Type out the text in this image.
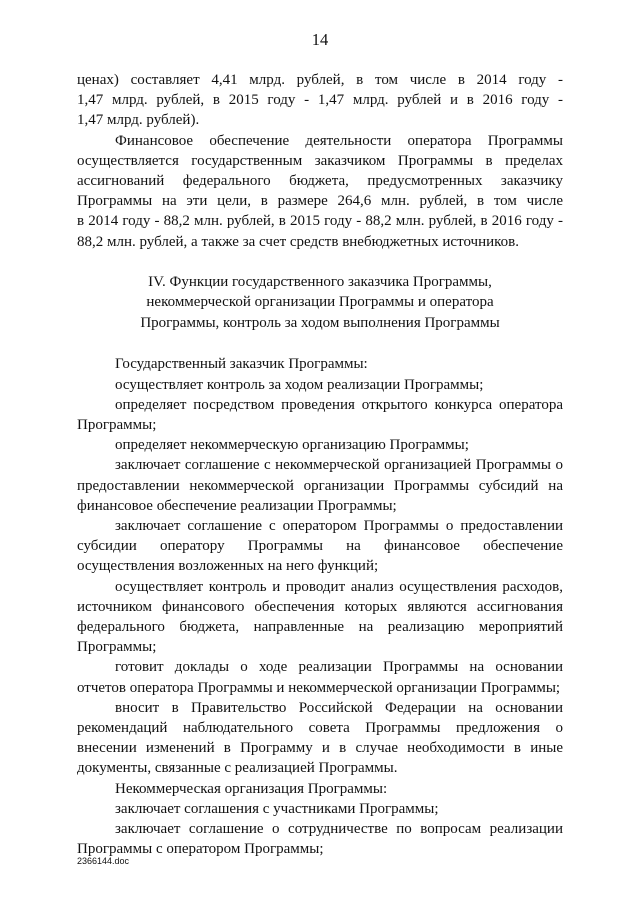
14

ценах) составляет 4,41 млрд. рублей, в том числе в 2014 году -
1,47 млрд. рублей, в 2015 году - 1,47 млрд. рублей и в 2016 году -
1,47 млрд. рублей).

Финансовое обеспечение деятельности оператора Программы
осуществляется государственным заказчиком Программы в пределах
ассигнований федерального бюджета, предусмотренных заказчику
Программы на эти цели, в размере 264,6 млн. рублей, в том числе
в 2014 году - 88,2 млн. рублей, в 2015 году - 88,2 млн. рублей, в 2016 году -
88,2 млн. рублей, а также за счет средств внебюджетных источников.

IV. Функции государственного заказчика Программы,
некоммерческой организации Программы и оператора
Программы, контроль за ходом выполнения Программы

Государственный заказчик Программы:

осуществляет контроль за ходом реализации Программы;

определяет посредством проведения открытого конкурса оператора
Программы;

определяет некоммерческую организацию Программы;

заключает соглашение с некоммерческой организацией Программы о
предоставлении некоммерческой организации Программы субсидий на
финансовое обеспечение реализации Программы;

заключает соглашение с оператором Программы о предоставлении
субсидии оператору Программы на финансовое обеспечение
осуществления возложенных на него функций;

осуществляет контроль и проводит анализ осуществления расходов,
источником финансового обеспечения которых являются ассигнования
федерального бюджета, направленные на реализацию мероприятий
Программы;

готовит доклады о ходе реализации Программы на основании
отчетов оператора Программы и некоммерческой организации Программы;

вносит в Правительство Российской Федерации на основании
рекомендаций наблюдательного совета Программы предложения о
внесении изменений в Программу и в случае необходимости в иные
документы, связанные с реализацией Программы.

Некоммерческая организация Программы:

заключает соглашения с участниками Программы;

заключает соглашение о сотрудничестве по вопросам реализации
Программы с оператором Программы;

2366144.doc
